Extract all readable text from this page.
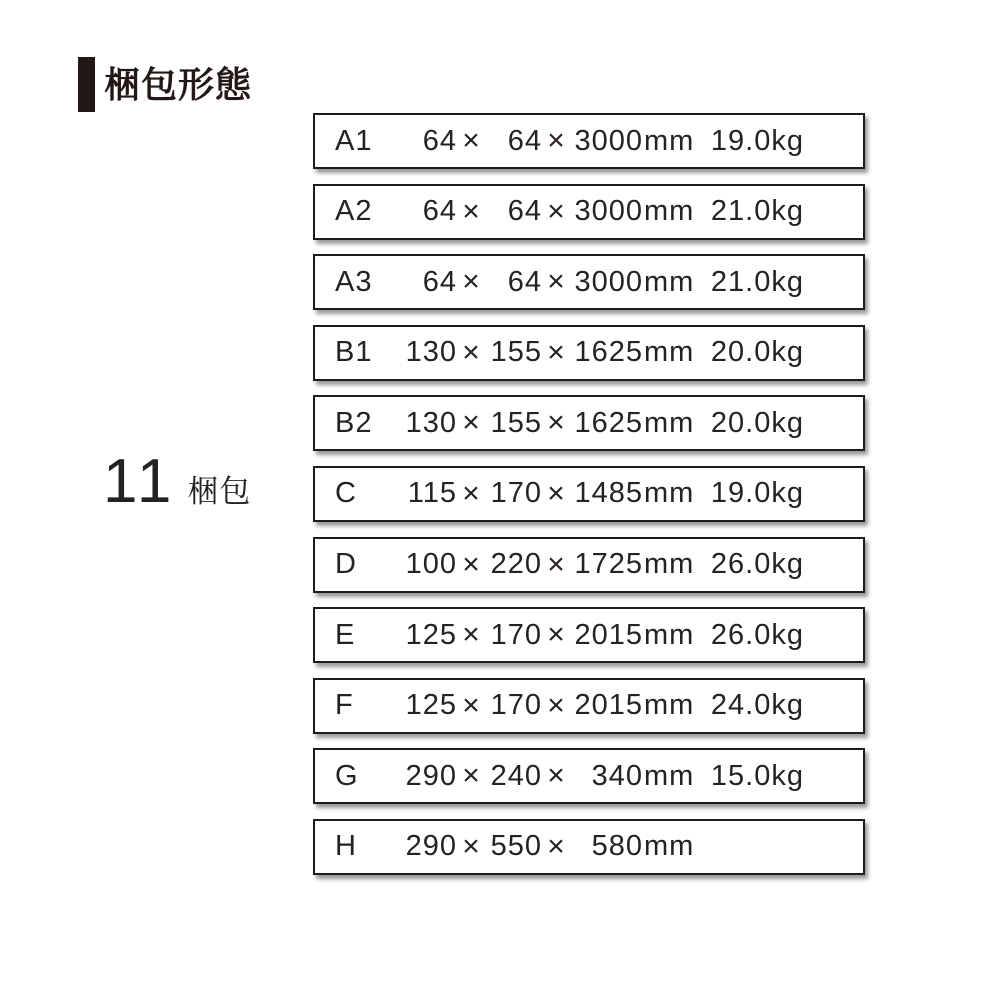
梱包形態
11 梱包
A1	64 × 64 × 3000 mm 19.0kg
A2	64 × 64 × 3000 mm 21.0kg
A3	64 × 64 × 3000 mm 21.0kg
B1	130 × 155 × 1625 mm 20.0kg
B2	130 × 155 × 1625 mm 20.0kg
C	115 × 170 × 1485 mm 19.0kg
D	100 × 220 × 1725 mm 26.0kg
E	125 × 170 × 2015 mm 26.0kg
F	125 × 170 × 2015 mm 24.0kg
G	290 × 240 × 340 mm 15.0kg
H	290 × 550 × 580 mm
